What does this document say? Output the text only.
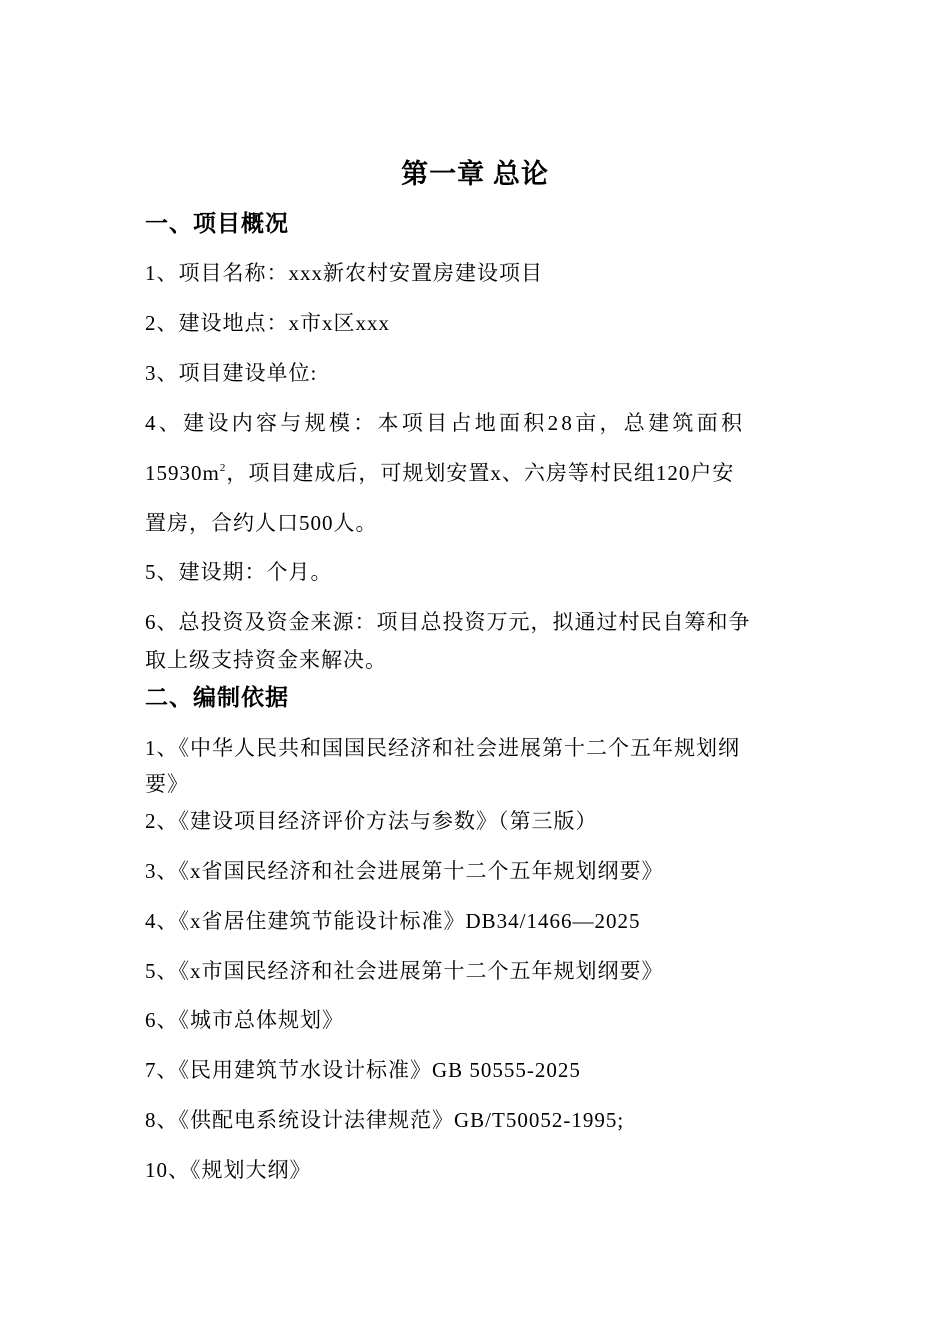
第一章 总论
一、项目概况
1、项目名称：xxx新农村安置房建设项目
2、建设地点：x市x区xxx
3、项目建设单位:
4、建设内容与规模：本项目占地面积28亩，总建筑面积
$15930m^2$，项目建成后，可规划安置x、六房等村民组120户安
置房，合约人口500人。
5、建设期：个月。
6、总投资及资金来源：项目总投资万元，拟通过村民自筹和争
取上级支持资金来解决。
二、编制依据
1、《中华人民共和国国民经济和社会进展第十二个五年规划纲
要》
2、《建设项目经济评价方法与参数》（第三版）
3、《x省国民经济和社会进展第十二个五年规划纲要》
4、《x省居住建筑节能设计标准》DB34/1466—2025
5、《x市国民经济和社会进展第十二个五年规划纲要》
6、《城市总体规划》
7、《民用建筑节水设计标准》GB 50555-2025
8、《供配电系统设计法律规范》GB/T50052-1995;
10、《规划大纲》
